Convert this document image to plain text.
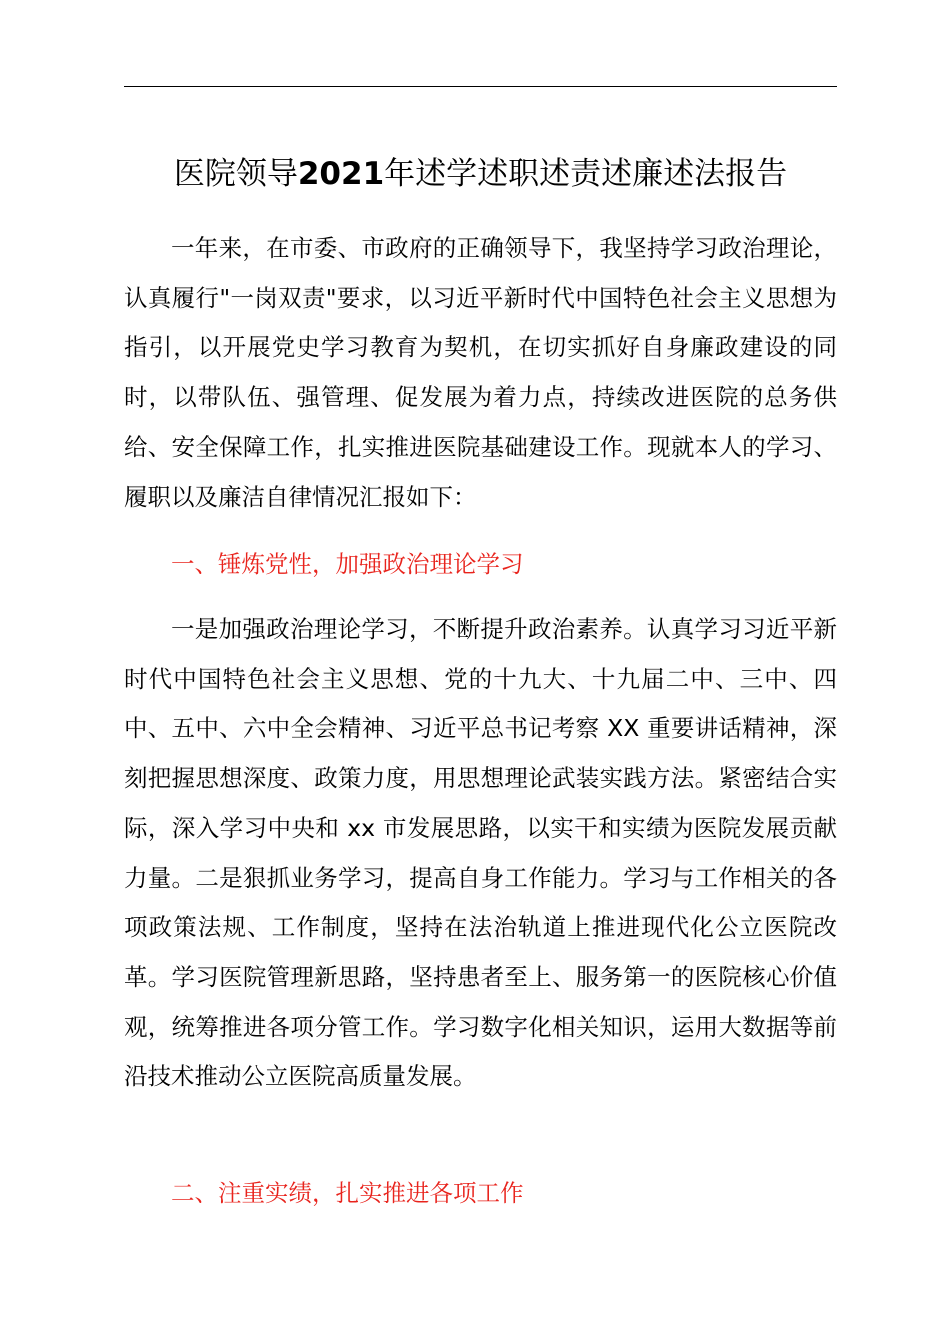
医院领导2021年述学述职述责述廉述法报告

一年来，在市委、市政府的正确领导下，我坚持学习政治理论，认真履行"一岗双责"要求，以习近平新时代中国特色社会主义思想为指引，以开展党史学习教育为契机，在切实抓好自身廉政建设的同时，以带队伍、强管理、促发展为着力点，持续改进医院的总务供给、安全保障工作，扎实推进医院基础建设工作。现就本人的学习、履职以及廉洁自律情况汇报如下：

一、锤炼党性，加强政治理论学习

一是加强政治理论学习，不断提升政治素养。认真学习习近平新时代中国特色社会主义思想、党的十九大、十九届二中、三中、四中、五中、六中全会精神、习近平总书记考察 XX 重要讲话精神，深刻把握思想深度、政策力度，用思想理论武装实践方法。紧密结合实际，深入学习中央和 xx 市发展思路，以实干和实绩为医院发展贡献力量。二是狠抓业务学习，提高自身工作能力。学习与工作相关的各项政策法规、工作制度，坚持在法治轨道上推进现代化公立医院改革。学习医院管理新思路，坚持患者至上、服务第一的医院核心价值观，统筹推进各项分管工作。学习数字化相关知识，运用大数据等前沿技术推动公立医院高质量发展。

二、注重实绩，扎实推进各项工作
